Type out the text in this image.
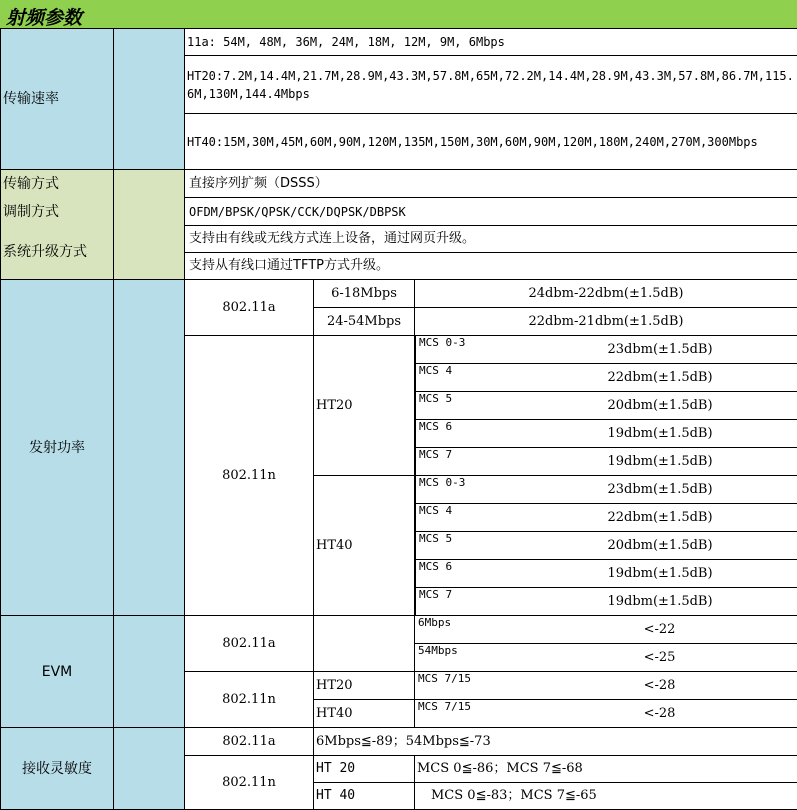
射频参数
传输速率		11a: 54M, 48M, 36M, 24M, 18M, 12M, 9M, 6Mbps		
		HT20:7.2M,14.4M,21.7M,28.9M,43.3M,57.8M,65M,72.2M,14.4M,28.9M,43.3M,57.8M,86.7M,115.6M,130M,144.4Mbps		
		HT40:15M,30M,45M,60M,90M,120M,135M,150M,30M,60M,90M,120M,180M,240M,270M,300Mbps		
传输方式		直接序列扩频（DSSS）		
调制方式		OFDM/BPSK/QPSK/CCK/DQPSK/DBPSK		
系统升级方式		支持由有线或无线方式连上设备，通过网页升级。		
		支持从有线口通过TFTP方式升级。		
发射功率		802.11a	6-18Mbps	24dbm-22dbm(±1.5dB)
			24-54Mbps	22dbm-21dbm(±1.5dB)
		802.11n	HT20	MCS 0-3 23dbm(±1.5dB)

				MCS 4 22dbm(±1.5dB)

				MCS 5 20dbm(±1.5dB)

				MCS 6 19dbm(±1.5dB)

				MCS 7 19dbm(±1.5dB)

			HT40	MCS 0-3 23dbm(±1.5dB)

				MCS 4 22dbm(±1.5dB)

				MCS 5 20dbm(±1.5dB)

				MCS 6 19dbm(±1.5dB)

				MCS 7 19dbm(±1.5dB)

EVM		802.11a		6Mbps <-22

				54Mbps <-25

		802.11n	HT20	MCS 7/15 <-28

			HT40	MCS 7/15 <-28

接收灵敏度		802.11a	6Mbps≦-89；54Mbps≦-73	
		802.11n	HT 20	MCS 0≦-86；MCS 7≦-68
			HT 40	MCS 0≦-83；MCS 7≦-65
